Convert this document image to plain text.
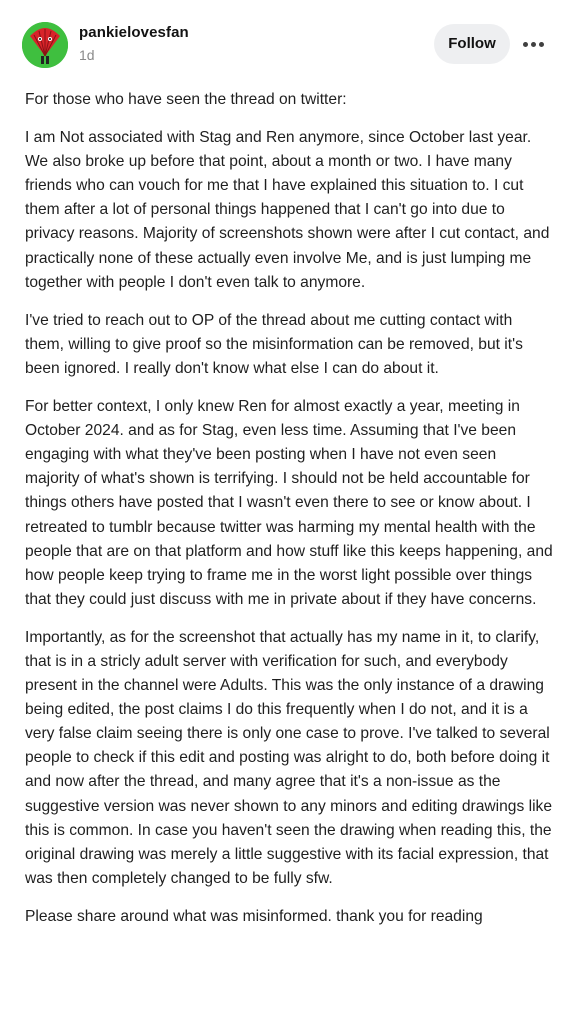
pankielovesfan
1d
Follow

For those who have seen the thread on twitter:

I am Not associated with Stag and Ren anymore, since October last year. We also broke up before that point, about a month or two. I have many friends who can vouch for me that I have explained this situation to. I cut them after a lot of personal things happened that I can't go into due to privacy reasons. Majority of screenshots shown were after I cut contact, and practically none of these actually even involve Me, and is just lumping me together with people I don't even talk to anymore.

I've tried to reach out to OP of the thread about me cutting contact with them, willing to give proof so the misinformation can be removed, but it's been ignored. I really don't know what else I can do about it.

For better context, I only knew Ren for almost exactly a year, meeting in October 2024. and as for Stag, even less time. Assuming that I've been engaging with what they've been posting when I have not even seen majority of what's shown is terrifying. I should not be held accountable for things others have posted that I wasn't even there to see or know about. I retreated to tumblr because twitter was harming my mental health with the people that are on that platform and how stuff like this keeps happening, and how people keep trying to frame me in the worst light possible over things that they could just discuss with me in private about if they have concerns.

Importantly, as for the screenshot that actually has my name in it, to clarify, that is in a stricly adult server with verification for such, and everybody present in the channel were Adults. This was the only instance of a drawing being edited, the post claims I do this frequently when I do not, and it is a very false claim seeing there is only one case to prove. I've talked to several people to check if this edit and posting was alright to do, both before doing it and now after the thread, and many agree that it's a non-issue as the suggestive version was never shown to any minors and editing drawings like this is common. In case you haven't seen the drawing when reading this, the original drawing was merely a little suggestive with its facial expression, that was then completely changed to be fully sfw.

Please share around what was misinformed. thank you for reading
